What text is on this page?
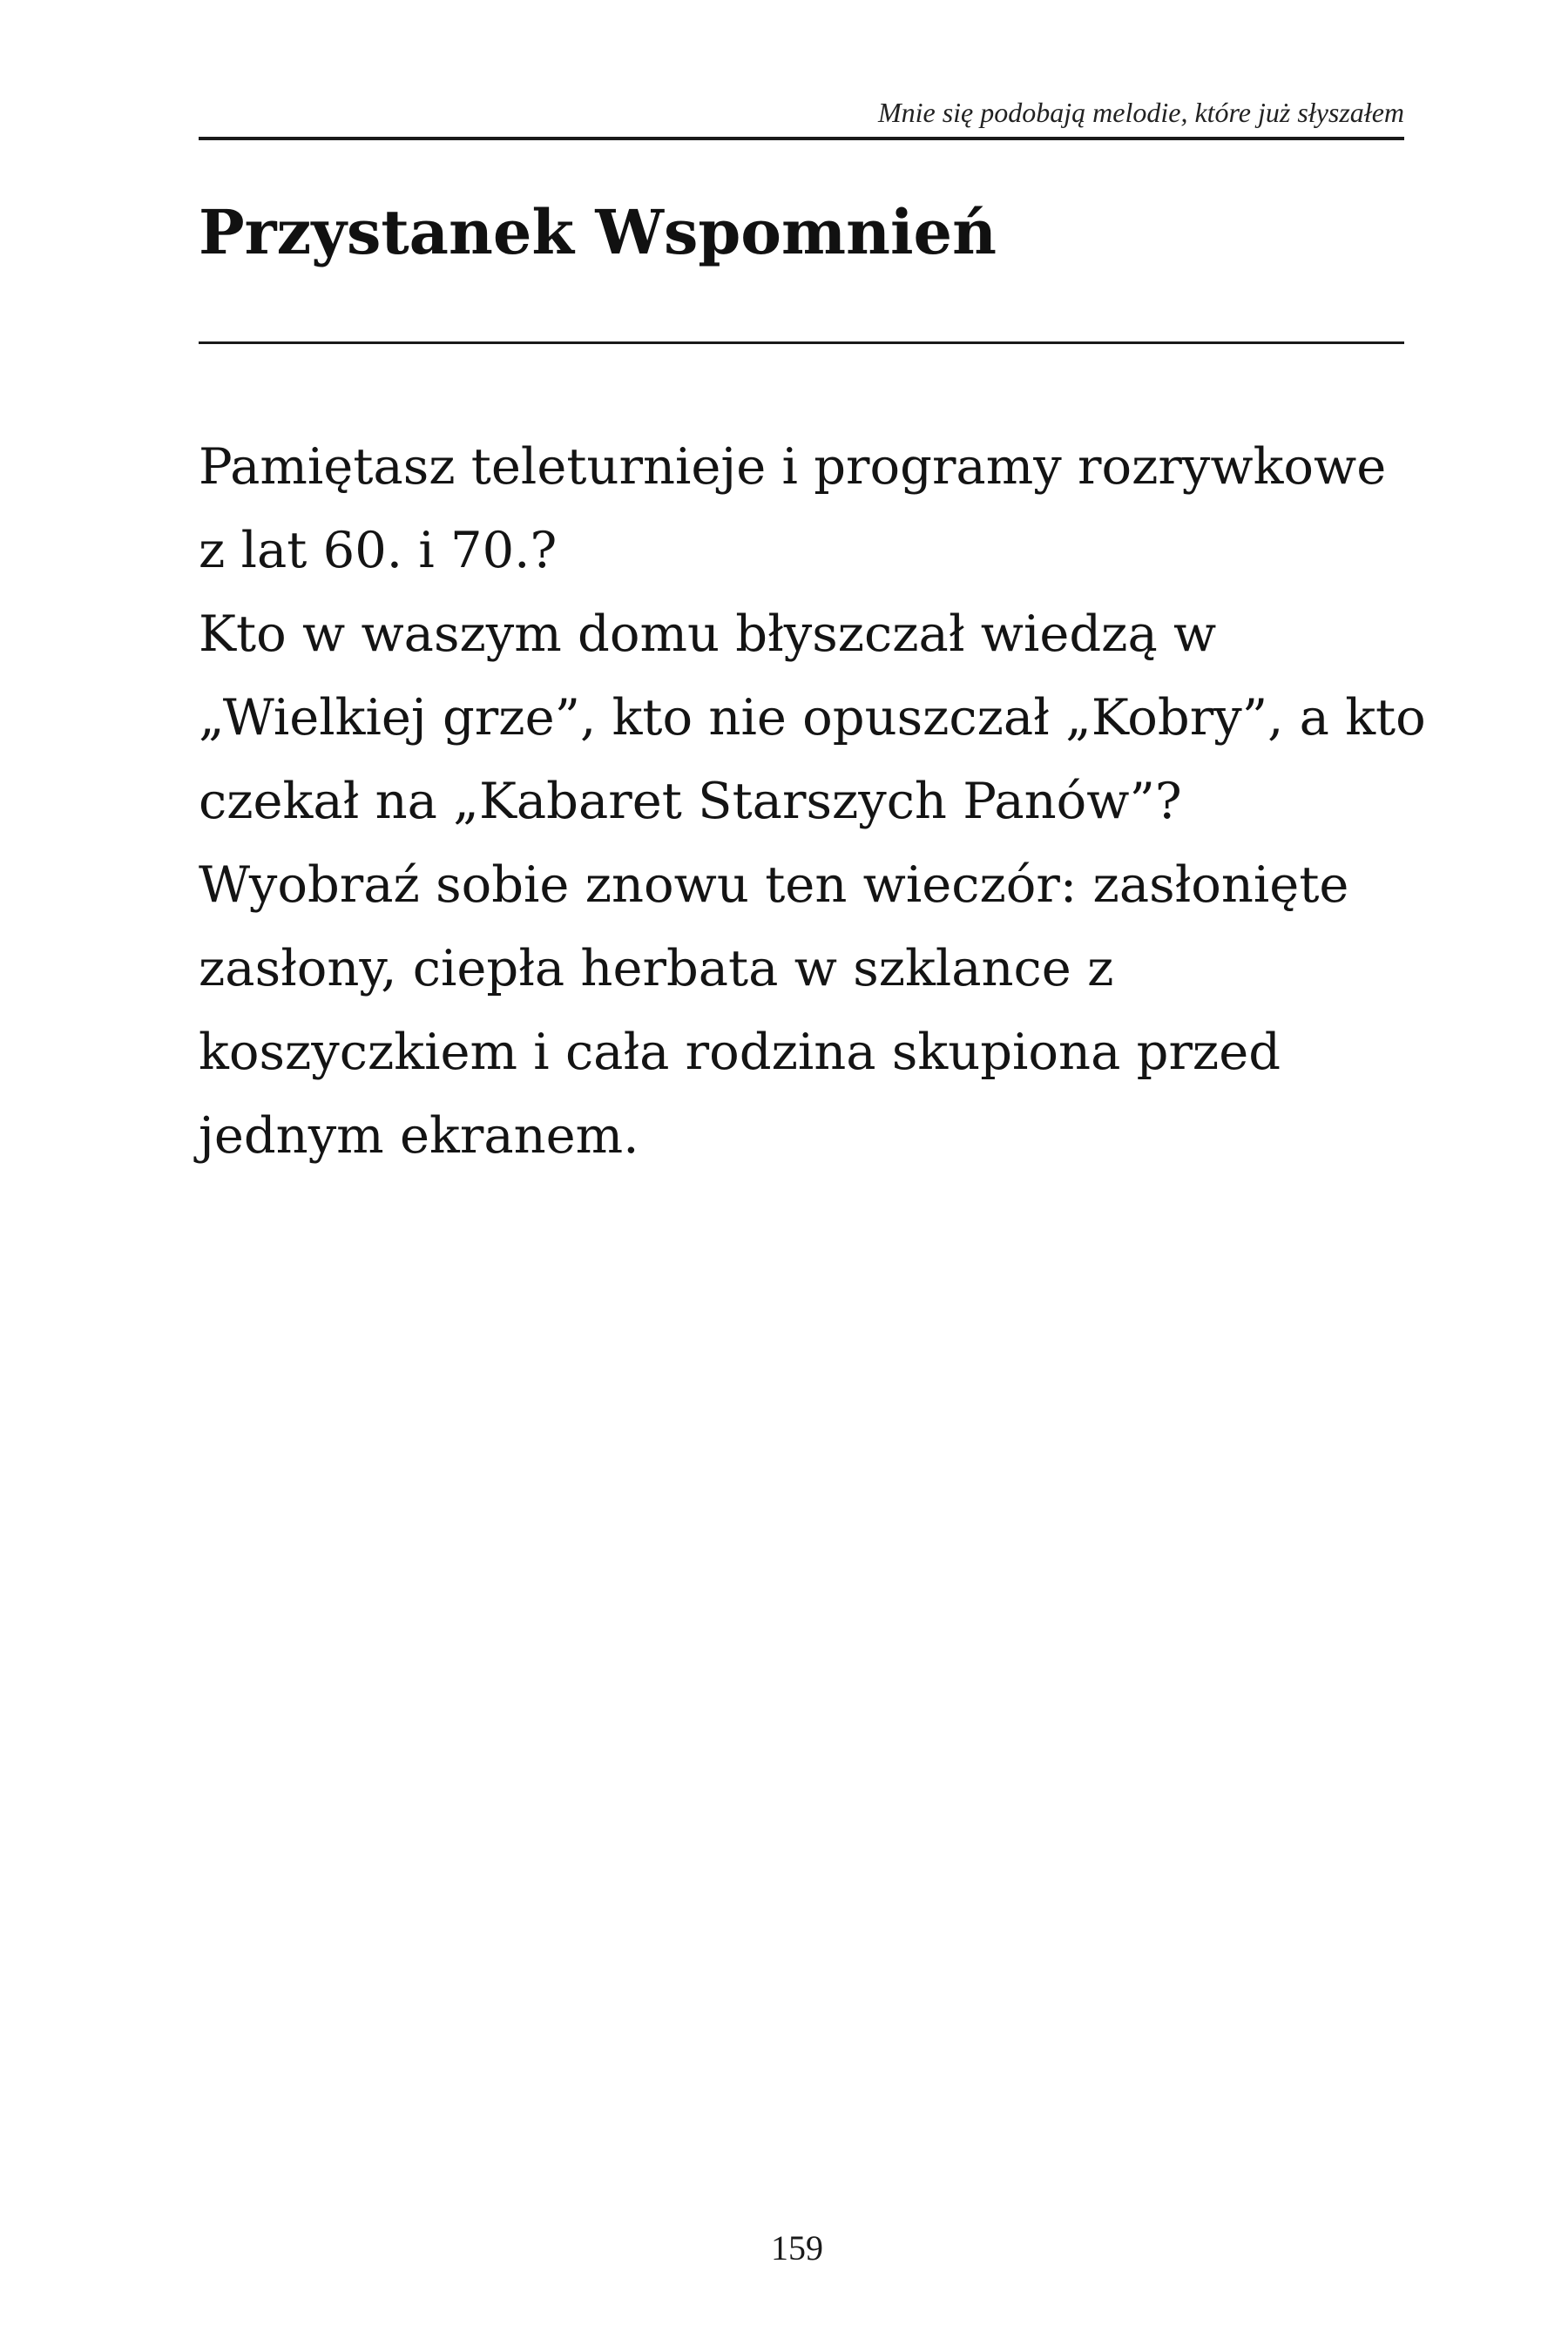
Mnie się podobają melodie, które już słyszałem
Przystanek Wspomnień
Pamiętasz teleturnieje i programy rozrywkowe
z lat 60. i 70.?
Kto w waszym domu błyszczał wiedzą w
„Wielkiej grze”, kto nie opuszczał „Kobry”, a kto
czekał na „Kabaret Starszych Panów”?
Wyobraź sobie znowu ten wieczór: zasłonięte
zasłony, ciepła herbata w szklance z
koszyczkiem i cała rodzina skupiona przed
jednym ekranem.
159
